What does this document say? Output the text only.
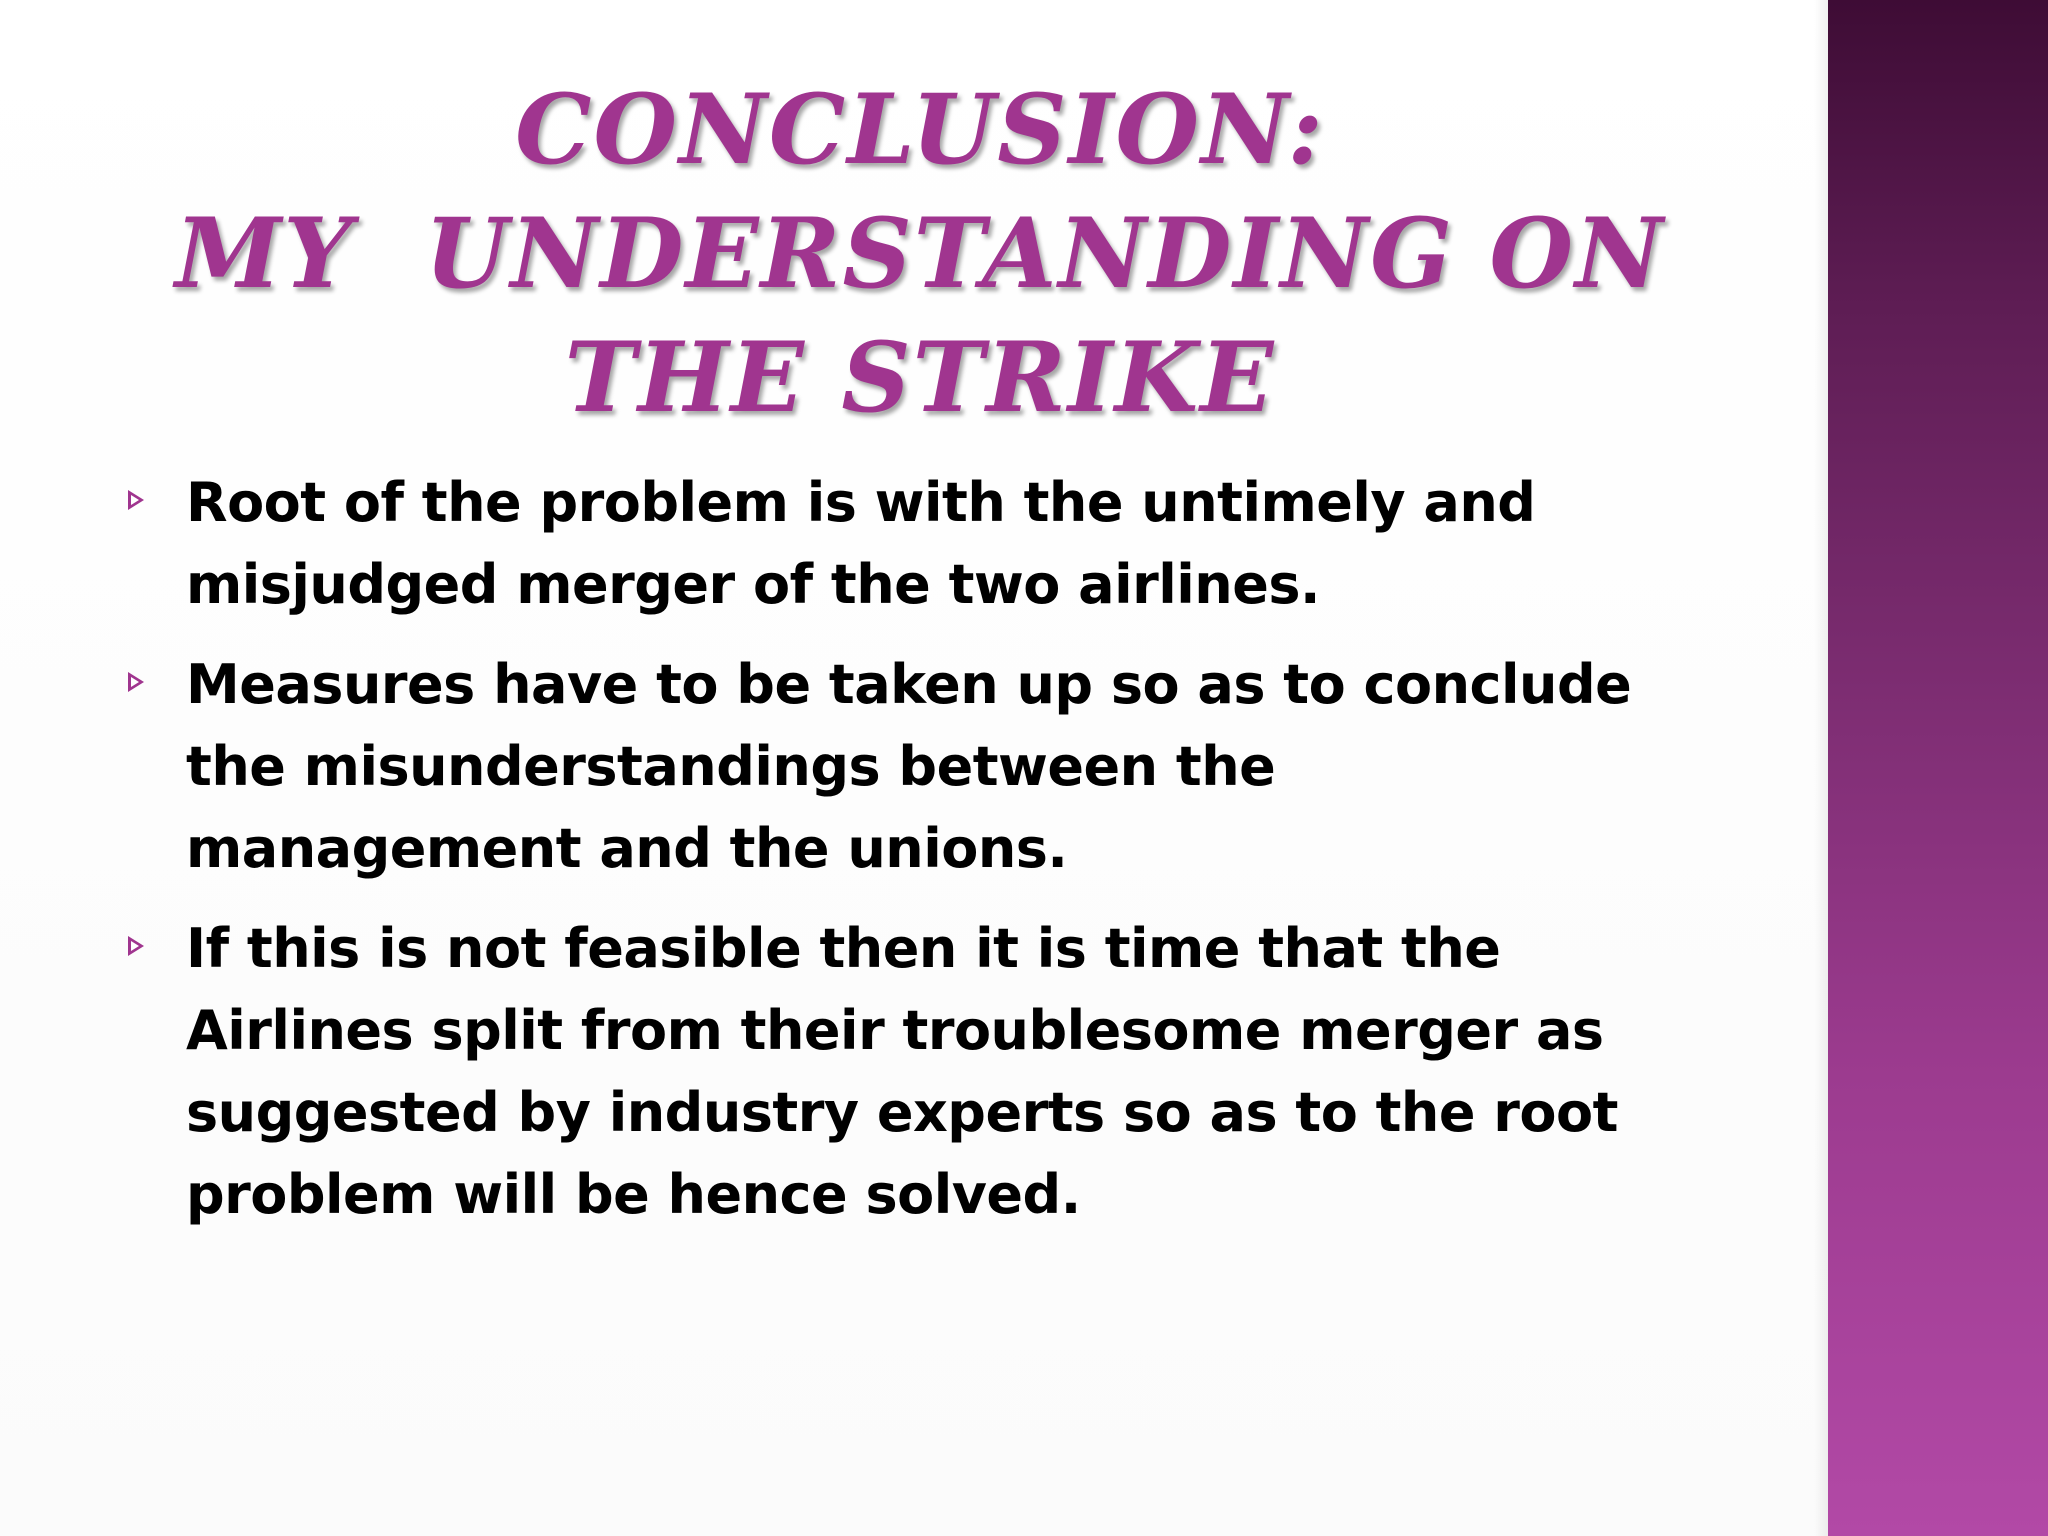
CONCLUSION:
MY  UNDERSTANDING ON
THE STRIKE
Root of the problem is with the untimely and misjudged merger of the two airlines.
Measures have to be taken up so as to conclude the misunderstandings between the management and the unions.
If this is not feasible then it is time that the Airlines split from their troublesome merger as suggested by industry experts so as to the root problem will be hence solved.
